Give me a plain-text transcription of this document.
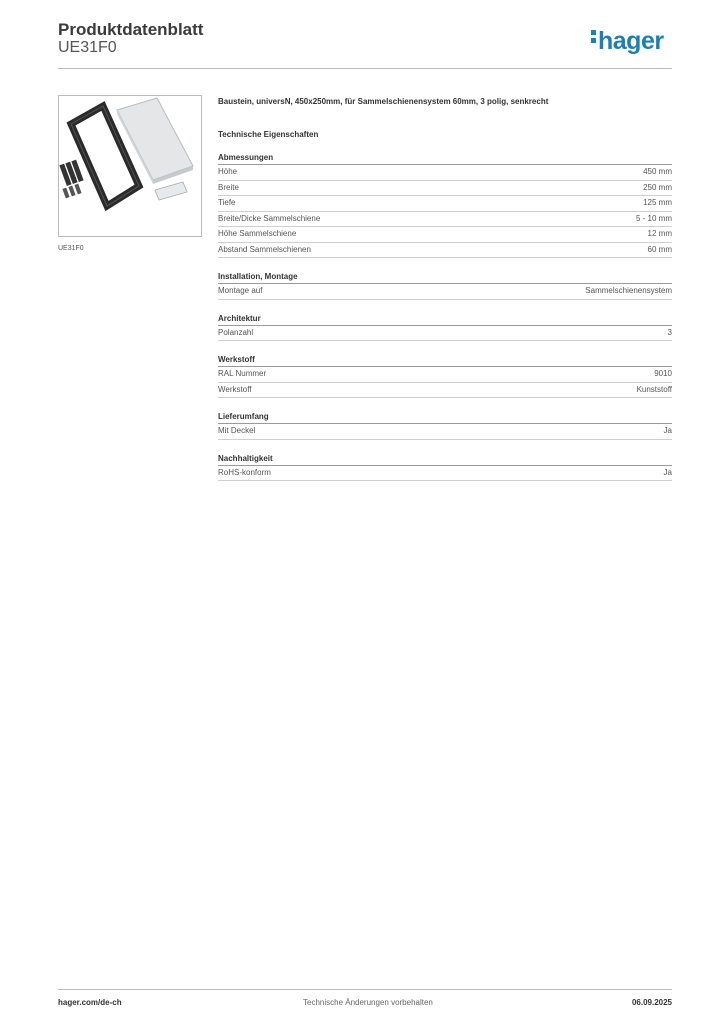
Produktdatenblatt
UE31F0	hager
UE31F0
Baustein, universN, 450x250mm, für Sammelschienensystem 60mm, 3 polig, senkrecht
Technische Eigenschaften
Abmessungen
Höhe	450 mm
Breite	250 mm
Tiefe	125 mm
Breite/Dicke Sammelschiene	5 - 10 mm
Höhe Sammelschiene	12 mm
Abstand Sammelschienen	60 mm
Installation, Montage
Montage auf	Sammelschienensystem
Architektur
Polanzahl	3
Werkstoff
RAL Nummer	9010
Werkstoff	Kunststoff
Lieferumfang
Mit Deckel	Ja
Nachhaltigkeit
RoHS-konform	Ja
hager.com/de-ch	Technische Änderungen vorbehalten	06.09.2025
